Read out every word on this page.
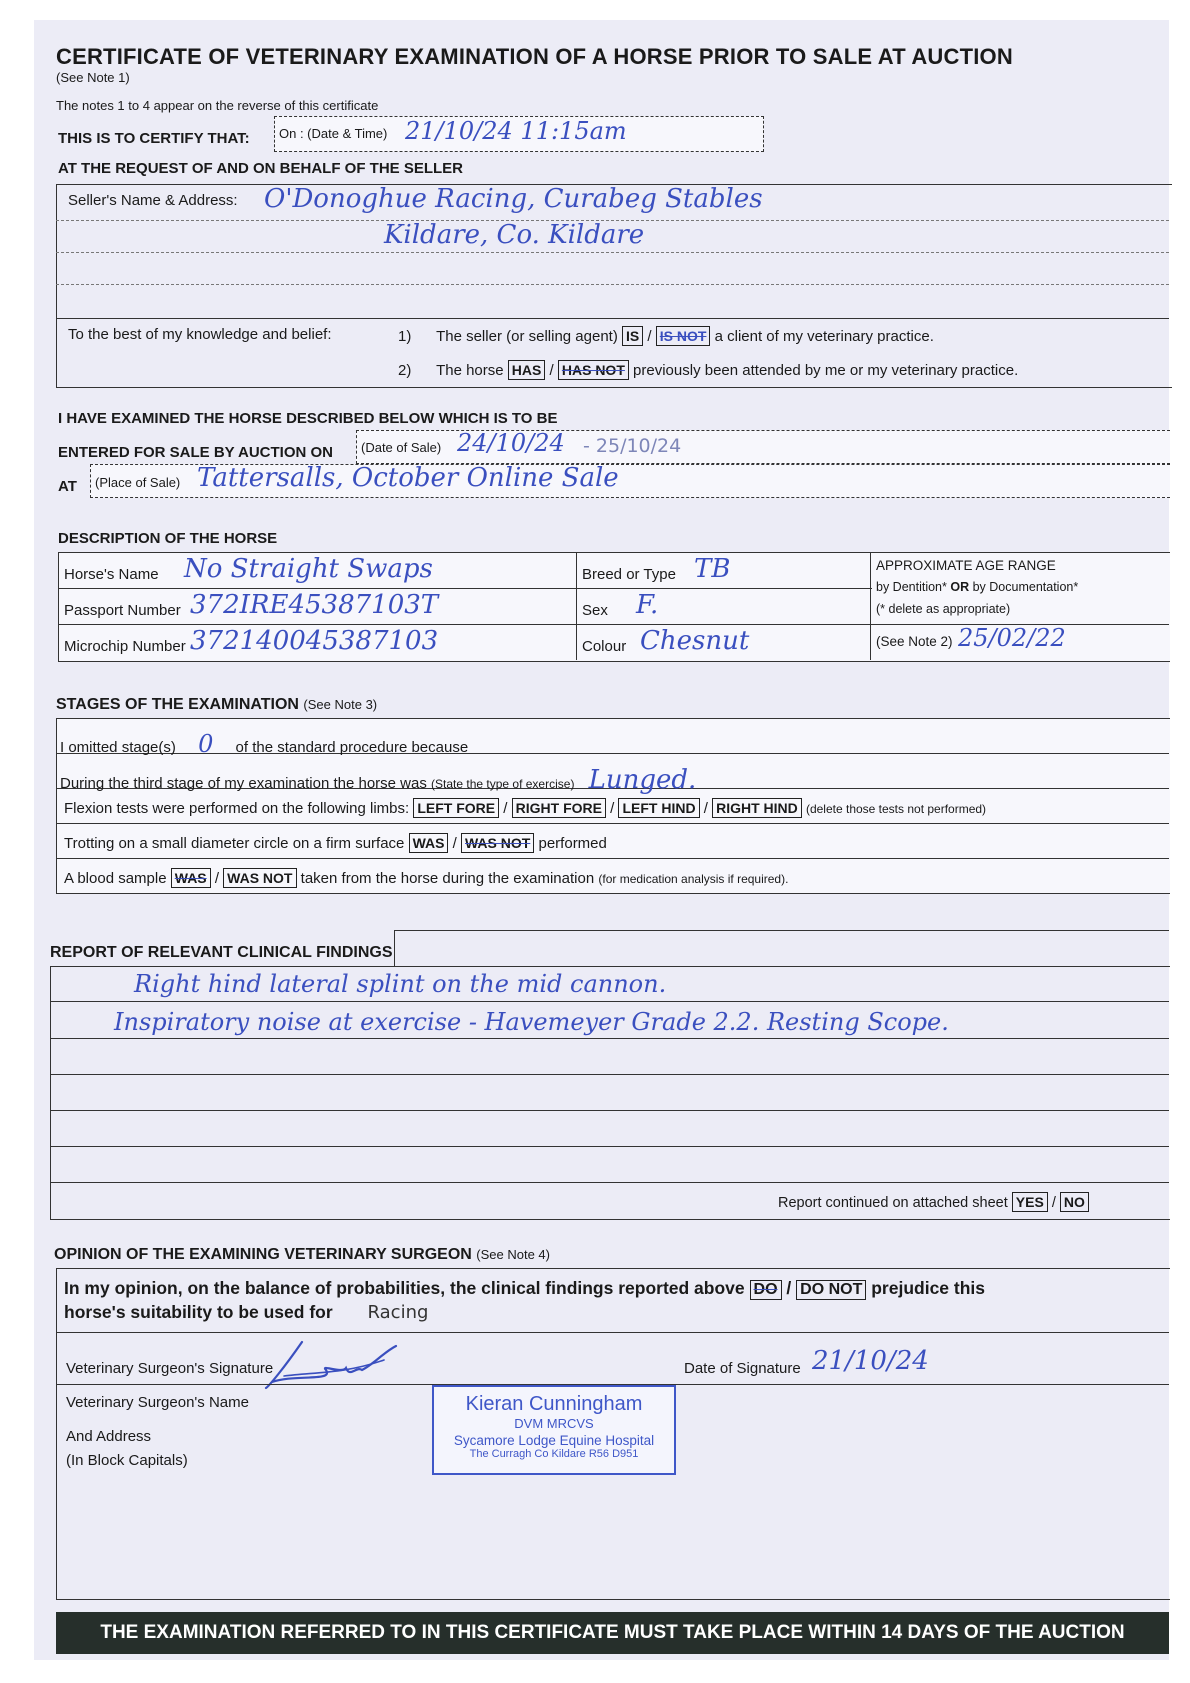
CERTIFICATE OF VETERINARY EXAMINATION OF A HORSE PRIOR TO SALE AT AUCTION
(See Note 1)
The notes 1 to 4 appear on the reverse of this certificate
THIS IS TO CERTIFY THAT: On : (Date & Time) 21/10/24 11:15am
AT THE REQUEST OF AND ON BEHALF OF THE SELLER
Seller's Name & Address: O'Donoghue Racing, Curabeg Stables
Kildare, Co. Kildare
To the best of my knowledge and belief:	1) The seller (or selling agent) IS / IS NOT a client of my veterinary practice.
2) The horse HAS / HAS NOT previously been attended by me or my veterinary practice.
I HAVE EXAMINED THE HORSE DESCRIBED BELOW WHICH IS TO BE
ENTERED FOR SALE BY AUCTION ON (Date of Sale) 24/10/24 - 25/10/24
AT (Place of Sale) Tattersalls, October Online Sale
DESCRIPTION OF THE HORSE
Horse's Name No Straight Swaps
Passport Number 372IRE45387103T
Microchip Number 372140045387103
Breed or Type TB
Sex F.
Colour Chesnut
APPROXIMATE AGE RANGE
by Dentition* OR by Documentation*
(* delete as appropriate)
(See Note 2) 25/02/22
STAGES OF THE EXAMINATION (See Note 3)
I omitted stage(s) 0 of the standard procedure because
During the third stage of my examination the horse was (State the type of exercise) Lunged.
Flexion tests were performed on the following limbs: LEFT FORE / RIGHT FORE / LEFT HIND / RIGHT HIND (delete those tests not performed)
Trotting on a small diameter circle on a firm surface WAS / WAS NOT performed
A blood sample WAS / WAS NOT taken from the horse during the examination (for medication analysis if required).
REPORT OF RELEVANT CLINICAL FINDINGS
Right hind lateral splint on the mid cannon.
Inspiratory noise at exercise - Havemeyer Grade 2.2. Resting Scope.
Report continued on attached sheet YES / NO
OPINION OF THE EXAMINING VETERINARY SURGEON (See Note 4)
In my opinion, on the balance of probabilities, the clinical findings reported above DO / DO NOT prejudice this
horse's suitability to be used for Racing
Veterinary Surgeon's Signature	Date of Signature 21/10/24
Veterinary Surgeon's Name
And Address
(In Block Capitals)
THE EXAMINATION REFERRED TO IN THIS CERTIFICATE MUST TAKE PLACE WITHIN 14 DAYS OF THE AUCTION
Kieran Cunningham
DVM MRCVS
Sycamore Lodge Equine Hospital
The Curragh Co Kildare R56 D951
